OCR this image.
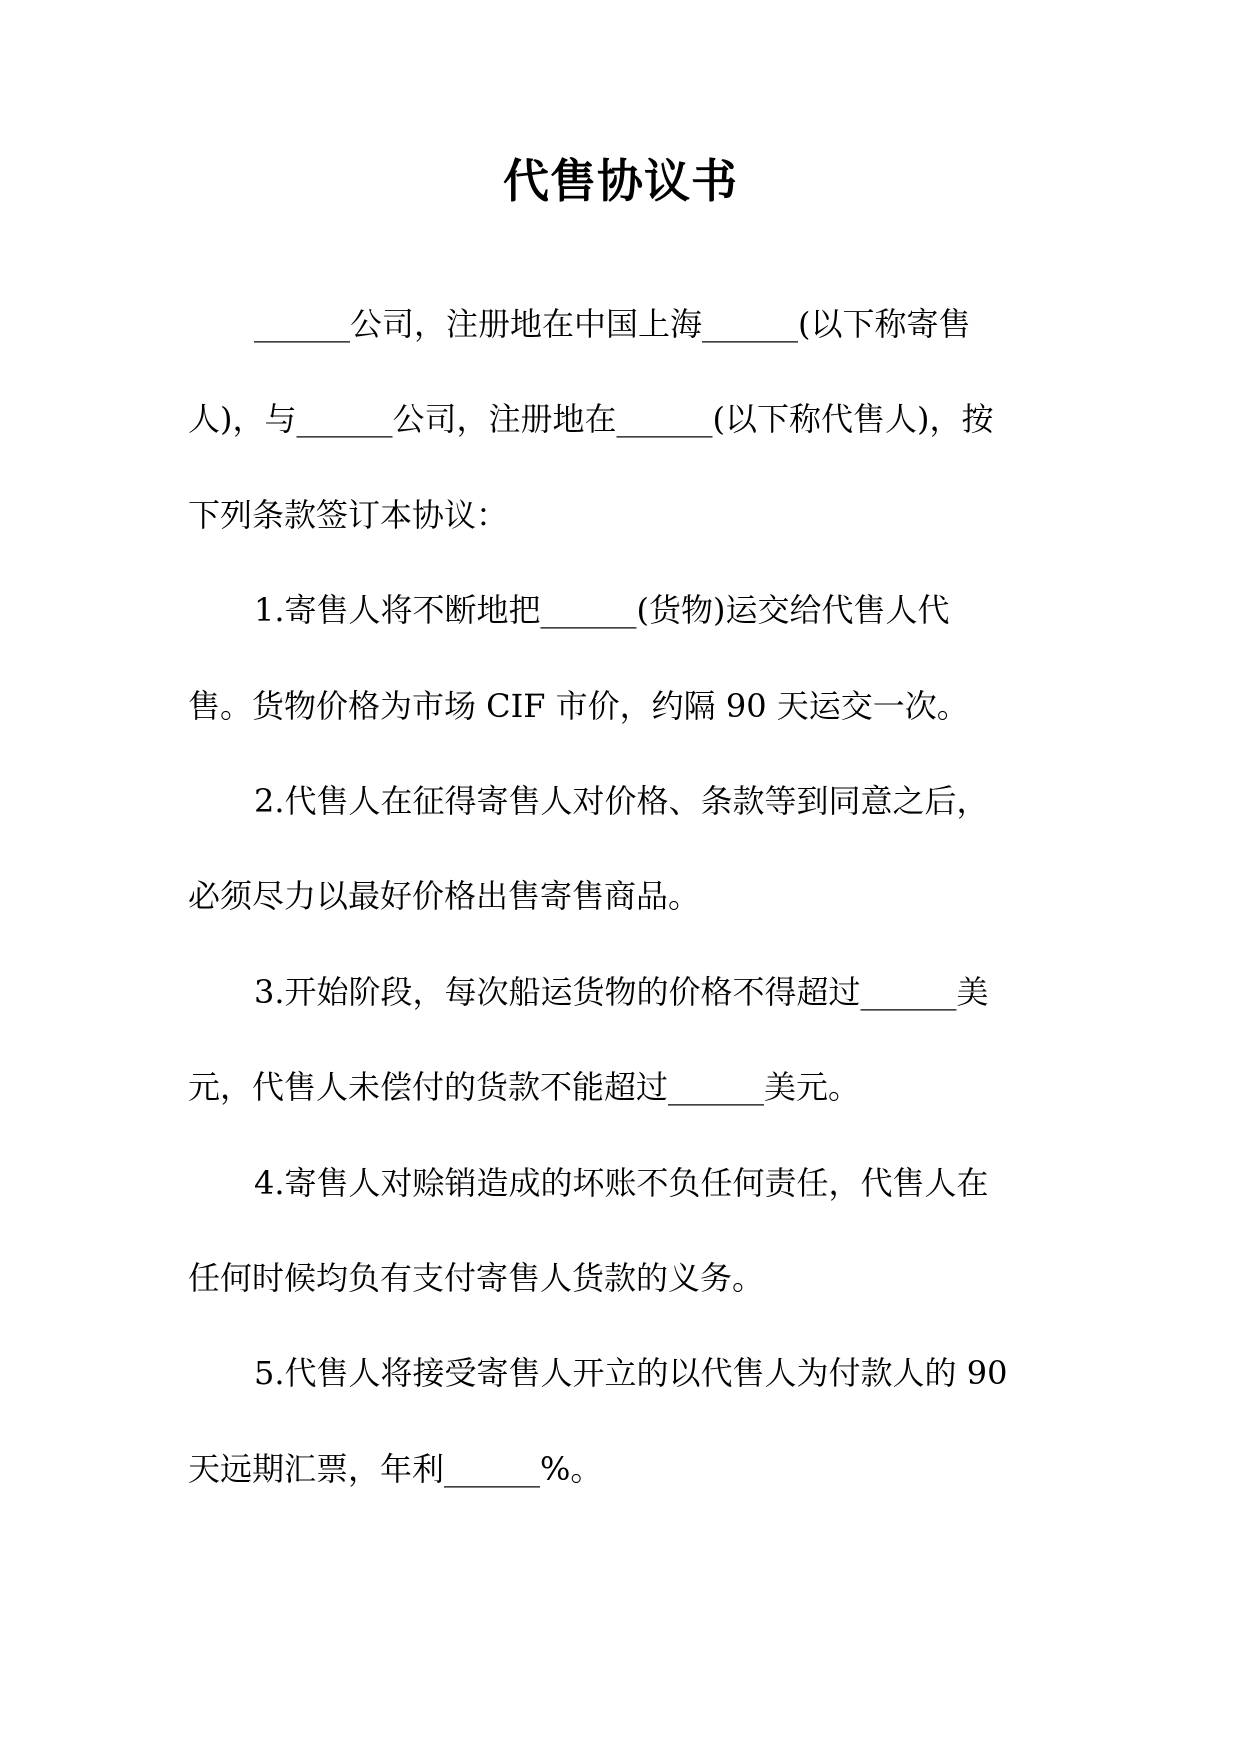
代售协议书
______公司，注册地在中国上海______(以下称寄售
人)，与______公司，注册地在______(以下称代售人)，按
下列条款签订本协议：
1.寄售人将不断地把______(货物)运交给代售人代
售。货物价格为市场 CIF 市价，约隔 90 天运交一次。
2.代售人在征得寄售人对价格、条款等到同意之后，
必须尽力以最好价格出售寄售商品。
3.开始阶段，每次船运货物的价格不得超过______美
元，代售人未偿付的货款不能超过______美元。
4.寄售人对赊销造成的坏账不负任何责任，代售人在
任何时候均负有支付寄售人货款的义务。
5.代售人将接受寄售人开立的以代售人为付款人的 90
天远期汇票，年利______%。
